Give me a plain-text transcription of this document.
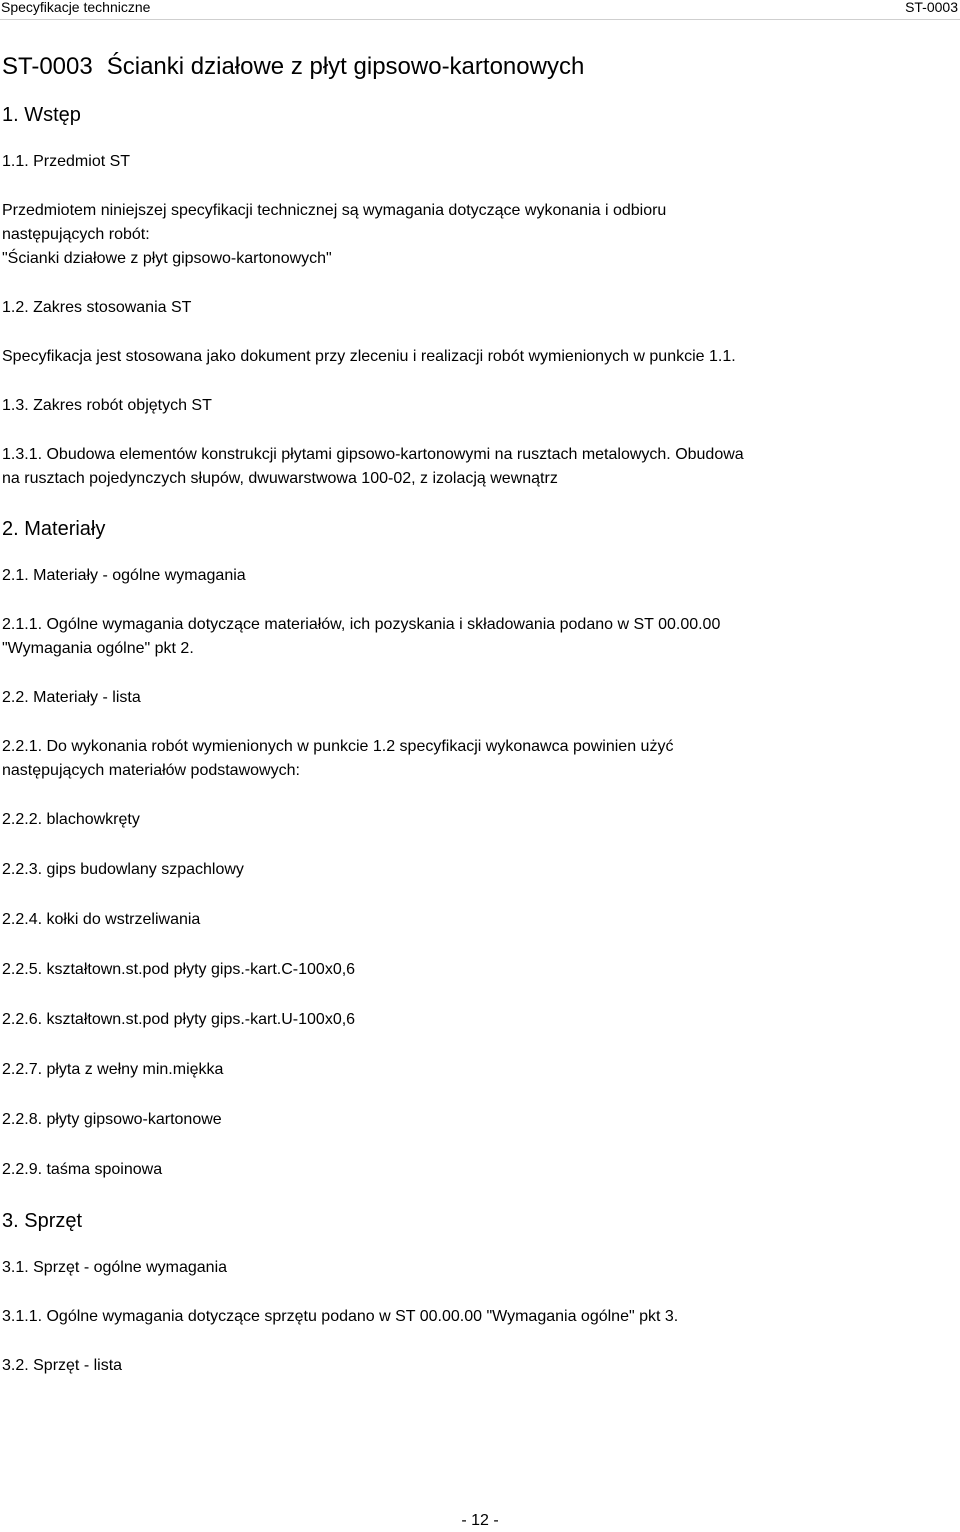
Specyfikacje techniczne	ST-0003
ST-0003 Ścianki działowe z płyt gipsowo-kartonowych
1. Wstęp
1.1. Przedmiot ST
Przedmiotem niniejszej specyfikacji technicznej są wymagania dotyczące wykonania i odbioru
następujących robót:
"Ścianki działowe z płyt gipsowo-kartonowych"
1.2. Zakres stosowania ST
Specyfikacja jest stosowana jako dokument przy zleceniu i realizacji robót wymienionych w punkcie 1.1.
1.3. Zakres robót objętych ST
1.3.1. Obudowa elementów konstrukcji płytami gipsowo-kartonowymi na rusztach metalowych. Obudowa
na rusztach pojedynczych słupów, dwuwarstwowa 100-02, z izolacją wewnątrz
2. Materiały
2.1. Materiały - ogólne wymagania
2.1.1. Ogólne wymagania dotyczące materiałów, ich pozyskania i składowania podano w ST 00.00.00
"Wymagania ogólne" pkt 2.
2.2. Materiały - lista
2.2.1. Do wykonania robót wymienionych w punkcie 1.2 specyfikacji wykonawca powinien użyć
następujących materiałów podstawowych:
2.2.2. blachowkręty
2.2.3. gips budowlany szpachlowy
2.2.4. kołki do wstrzeliwania
2.2.5. kształtown.st.pod płyty gips.-kart.C-100x0,6
2.2.6. kształtown.st.pod płyty gips.-kart.U-100x0,6
2.2.7. płyta z wełny min.miękka
2.2.8. płyty gipsowo-kartonowe
2.2.9. taśma spoinowa
3. Sprzęt
3.1. Sprzęt - ogólne wymagania
3.1.1. Ogólne wymagania dotyczące sprzętu podano w ST 00.00.00 "Wymagania ogólne" pkt 3.
3.2. Sprzęt - lista
- 12 -
